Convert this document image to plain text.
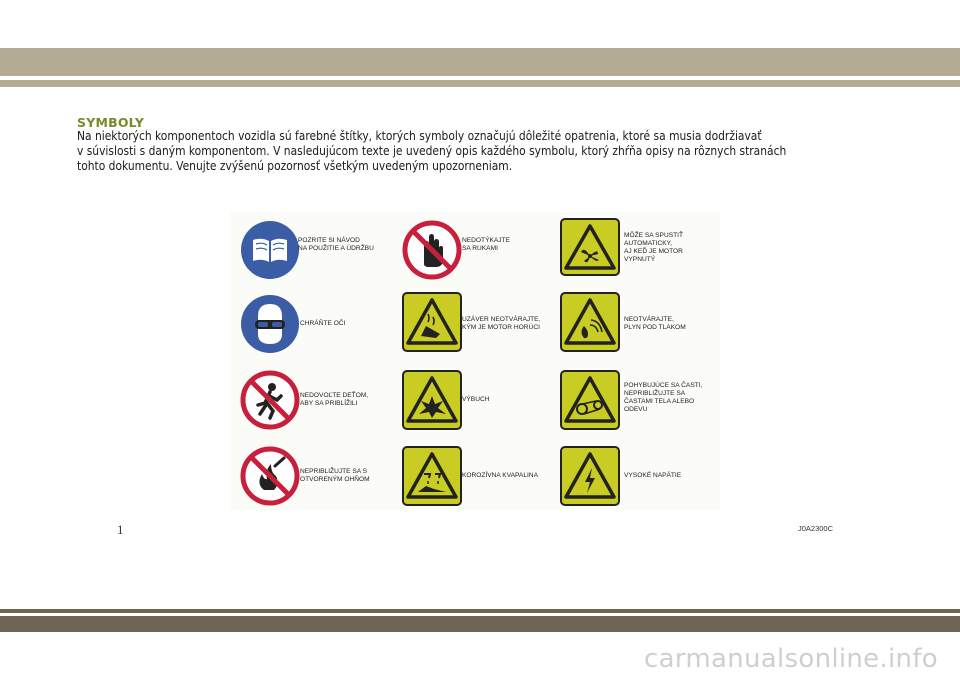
SYMBOLY
Na niektorých komponentoch vozidla sú farebné štítky, ktorých symboly označujú dôležité opatrenia, ktoré sa musia dodržiavať
v súvislosti s daným komponentom. V nasledujúcom texte je uvedený opis každého symbolu, ktorý zhŕňa opisy na rôznych stranách
tohto dokumentu. Venujte zvýšenú pozornosť všetkým uvedeným upozorneniam.
POZRITE SI NÁVOD
NA POUŽITIE A ÚDRŽBU
NEDOTÝKAJTE
SA RUKAMI
MÔŽE SA SPUSTIŤ
AUTOMATICKY,
AJ KEĎ JE MOTOR
VYPNUTÝ
CHRÁŇTE OČI
UZÁVER NEOTVÁRAJTE,
KÝM JE MOTOR HORÚCI
NEOTVÁRAJTE,
PLYN POD TLAKOM
NEDOVOĽTE DEŤOM,
ABY SA PRIBLÍŽILI
VÝBUCH
POHYBUJÚCE SA ČASTI,
NEPRIBLIŽUJTE SA
ČASTAMI TELA ALEBO
ODEVU
NEPRIBLIŽUJTE SA S
OTVORENÝM OHŇOM
KOROZÍVNA KVAPALINA	VYSOKÉ NAPÄTIE
1	J0A2300C
carmanualsonline.info
